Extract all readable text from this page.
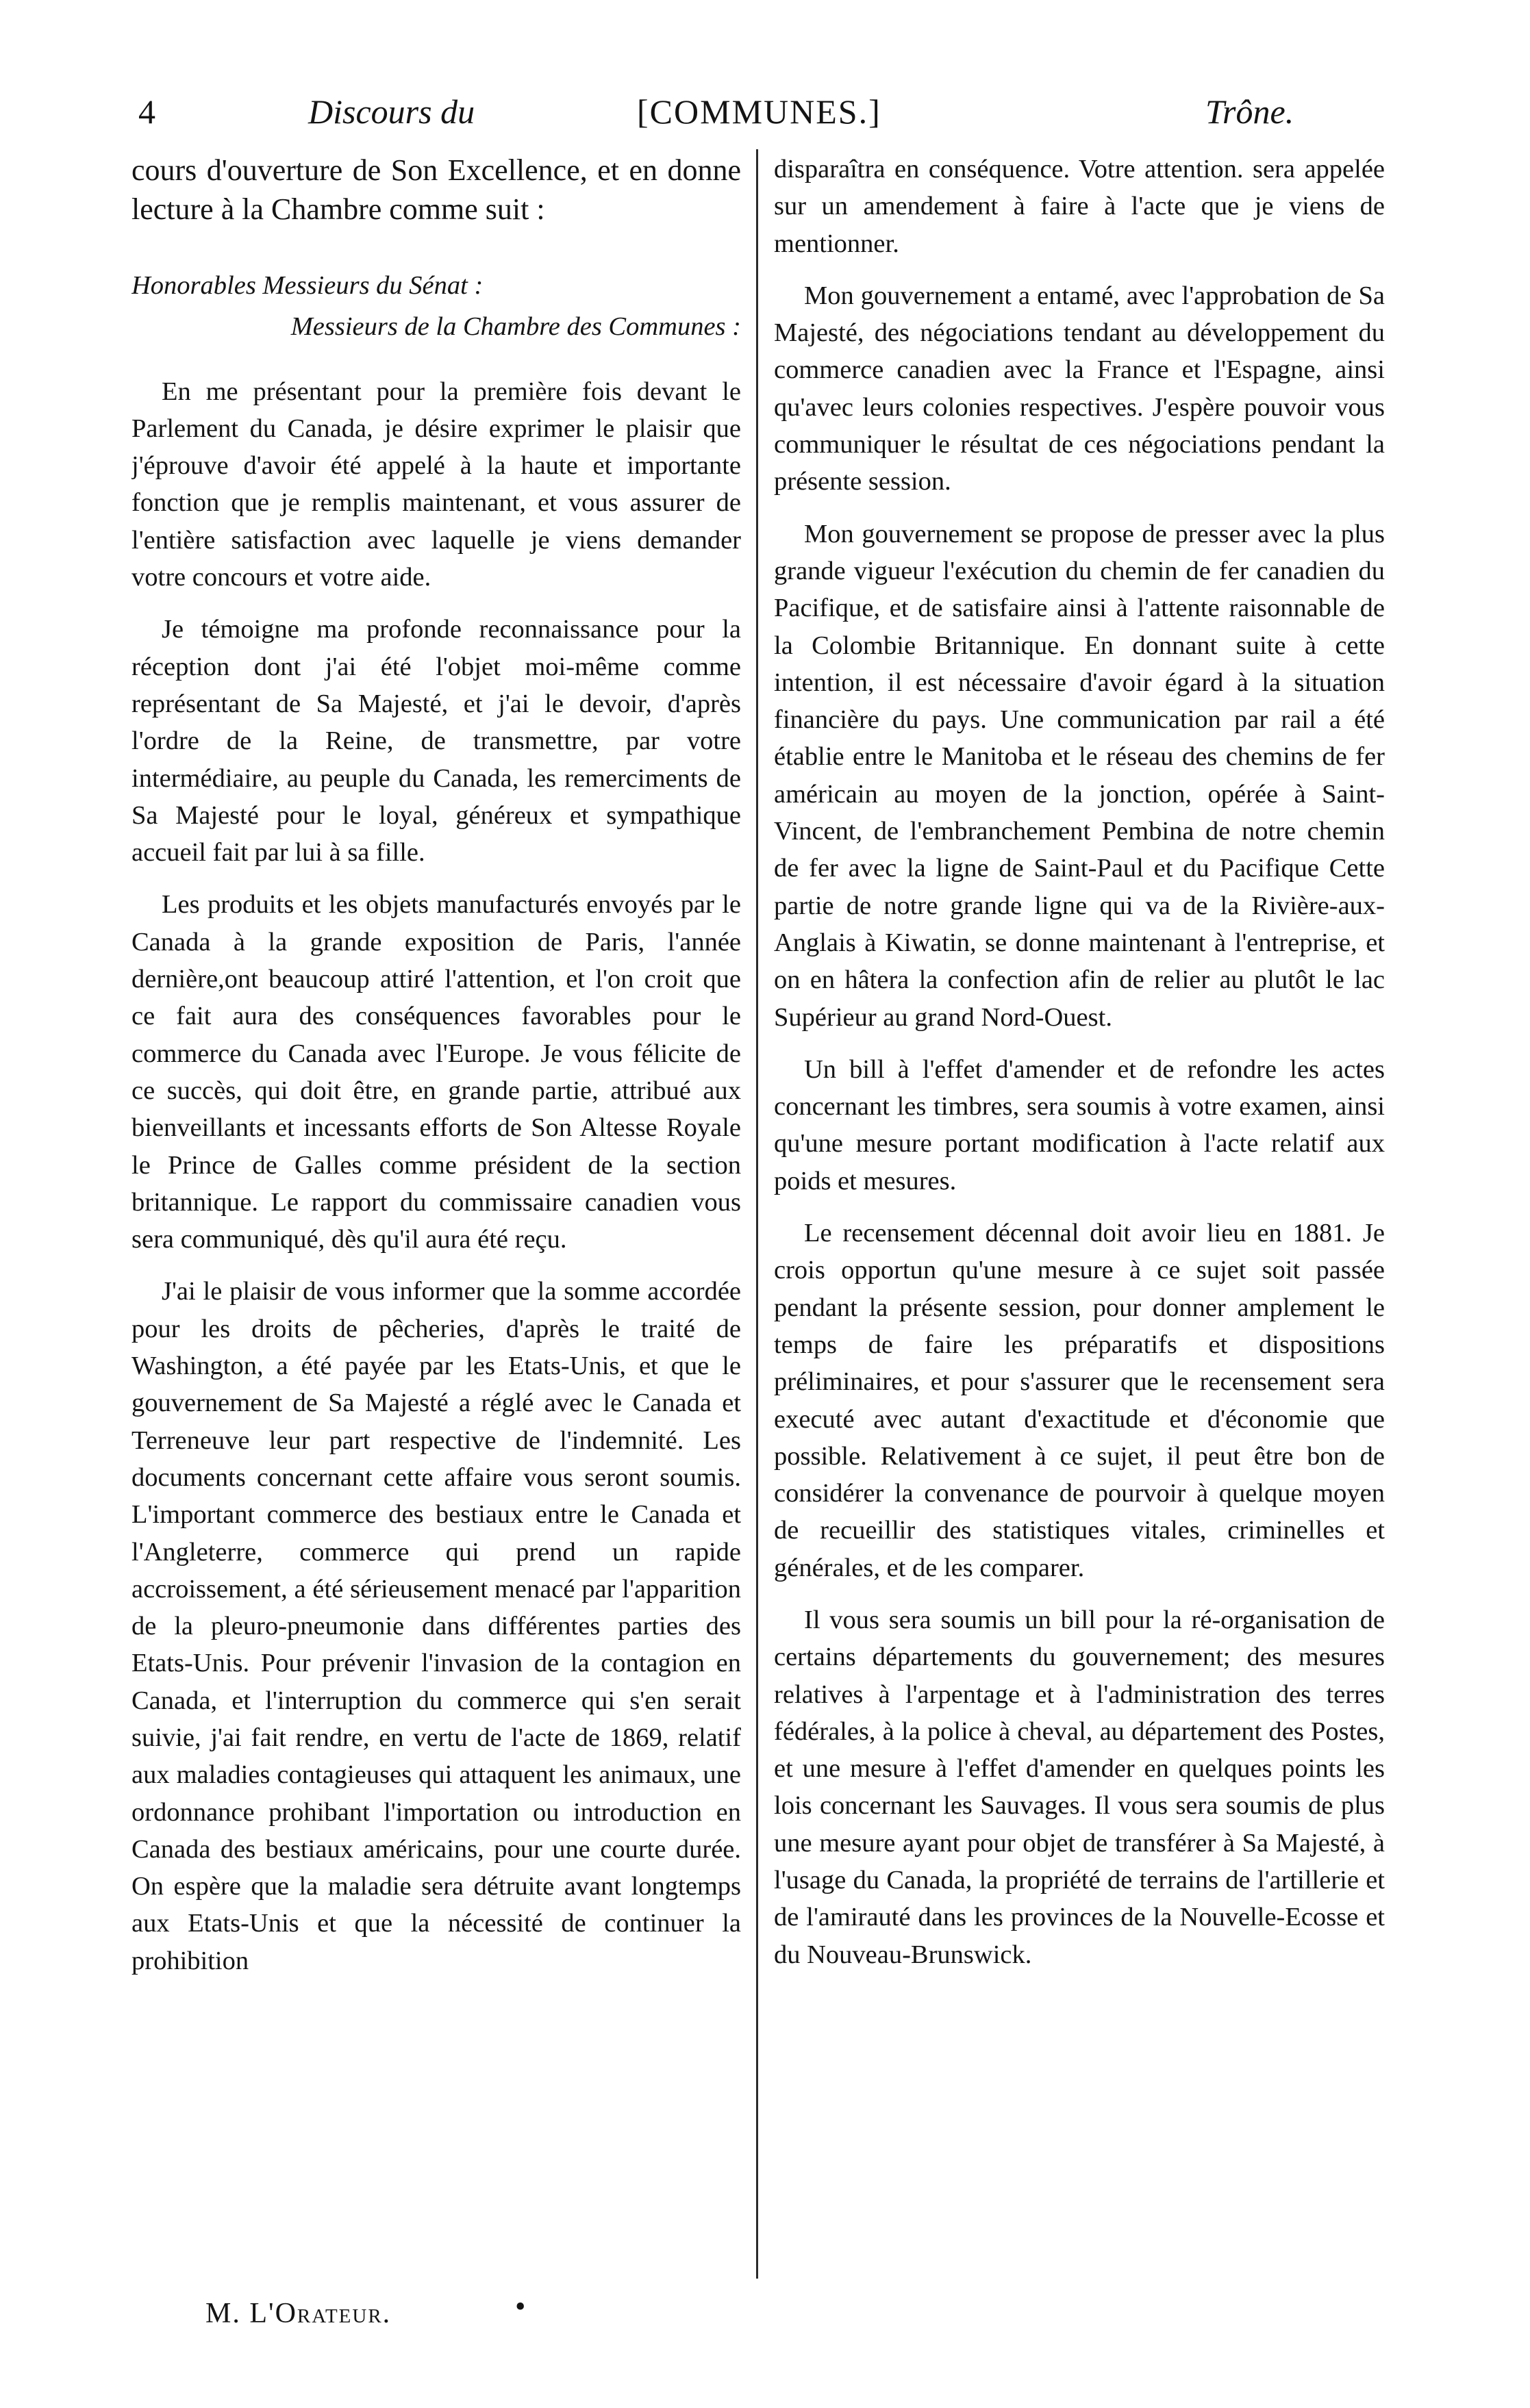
4	Discours du	[COMMUNES.]	Trône.

cours d'ouverture de Son Excellence, et en donne lecture à la Chambre comme suit :

Honorables Messieurs du Sénat :

Messieurs de la Chambre des Communes :

En me présentant pour la première fois devant le Parlement du Canada, je désire exprimer le plaisir que j'éprouve d'avoir été appelé à la haute et importante fonction que je remplis maintenant, et vous assurer de l'entière satisfaction avec laquelle je viens demander votre concours et votre aide.

Je témoigne ma profonde reconnaissance pour la réception dont j'ai été l'objet moi-même comme représentant de Sa Majesté, et j'ai le devoir, d'après l'ordre de la Reine, de transmettre, par votre intermédiaire, au peuple du Canada, les remerciments de Sa Majesté pour le loyal, généreux et sympathique accueil fait par lui à sa fille.

Les produits et les objets manufacturés envoyés par le Canada à la grande exposition de Paris, l'année dernière,ont beaucoup attiré l'attention, et l'on croit que ce fait aura des conséquences favorables pour le commerce du Canada avec l'Europe. Je vous félicite de ce succès, qui doit être, en grande partie, attribué aux bienveillants et incessants efforts de Son Altesse Royale le Prince de Galles comme président de la section britannique. Le rapport du commissaire canadien vous sera communiqué, dès qu'il aura été reçu.

J'ai le plaisir de vous informer que la somme accordée pour les droits de pêcheries, d'après le traité de Washington, a été payée par les Etats-Unis, et que le gouvernement de Sa Majesté a réglé avec le Canada et Terreneuve leur part respective de l'indemnité. Les documents concernant cette affaire vous seront soumis. L'important commerce des bestiaux entre le Canada et l'Angleterre, commerce qui prend un rapide accroissement, a été sérieusement menacé par l'apparition de la pleuro-pneumonie dans différentes parties des Etats-Unis. Pour prévenir l'invasion de la contagion en Canada, et l'interruption du commerce qui s'en serait suivie, j'ai fait rendre, en vertu de l'acte de 1869, relatif aux maladies contagieuses qui attaquent les animaux, une ordonnance prohibant l'importation ou introduction en Canada des bestiaux américains, pour une courte durée. On espère que la maladie sera détruite avant longtemps aux Etats-Unis et que la nécessité de continuer la prohibition

disparaîtra en conséquence. Votre attention. sera appelée sur un amendement à faire à l'acte que je viens de mentionner.

Mon gouvernement a entamé, avec l'approbation de Sa Majesté, des négociations tendant au développement du commerce canadien avec la France et l'Espagne, ainsi qu'avec leurs colonies respectives. J'espère pouvoir vous communiquer le résultat de ces négociations pendant la présente session.

Mon gouvernement se propose de presser avec la plus grande vigueur l'exécution du chemin de fer canadien du Pacifique, et de satisfaire ainsi à l'attente raisonnable de la Colombie Britannique. En donnant suite à cette intention, il est nécessaire d'avoir égard à la situation financière du pays. Une communication par rail a été établie entre le Manitoba et le réseau des chemins de fer américain au moyen de la jonction, opérée à Saint-Vincent, de l'embranchement Pembina de notre chemin de fer avec la ligne de Saint-Paul et du Pacifique Cette partie de notre grande ligne qui va de la Rivière-aux-Anglais à Kiwatin, se donne maintenant à l'entreprise, et on en hâtera la confection afin de relier au plutôt le lac Supérieur au grand Nord-Ouest.

Un bill à l'effet d'amender et de refondre les actes concernant les timbres, sera soumis à votre examen, ainsi qu'une mesure portant modification à l'acte relatif aux poids et mesures.

Le recensement décennal doit avoir lieu en 1881. Je crois opportun qu'une mesure à ce sujet soit passée pendant la présente session, pour donner amplement le temps de faire les préparatifs et dispositions préliminaires, et pour s'assurer que le recensement sera executé avec autant d'exactitude et d'économie que possible. Relativement à ce sujet, il peut être bon de considérer la convenance de pourvoir à quelque moyen de recueillir des statistiques vitales, criminelles et générales, et de les comparer.

Il vous sera soumis un bill pour la ré-organisation de certains départements du gouvernement; des mesures relatives à l'arpentage et à l'administration des terres fédérales, à la police à cheval, au département des Postes, et une mesure à l'effet d'amender en quelques points les lois concernant les Sauvages. Il vous sera soumis de plus une mesure ayant pour objet de transférer à Sa Majesté, à l'usage du Canada, la propriété de terrains de l'artillerie et de l'amirauté dans les provinces de la Nouvelle-Ecosse et du Nouveau-Brunswick.

M. L'Orateur.	•
